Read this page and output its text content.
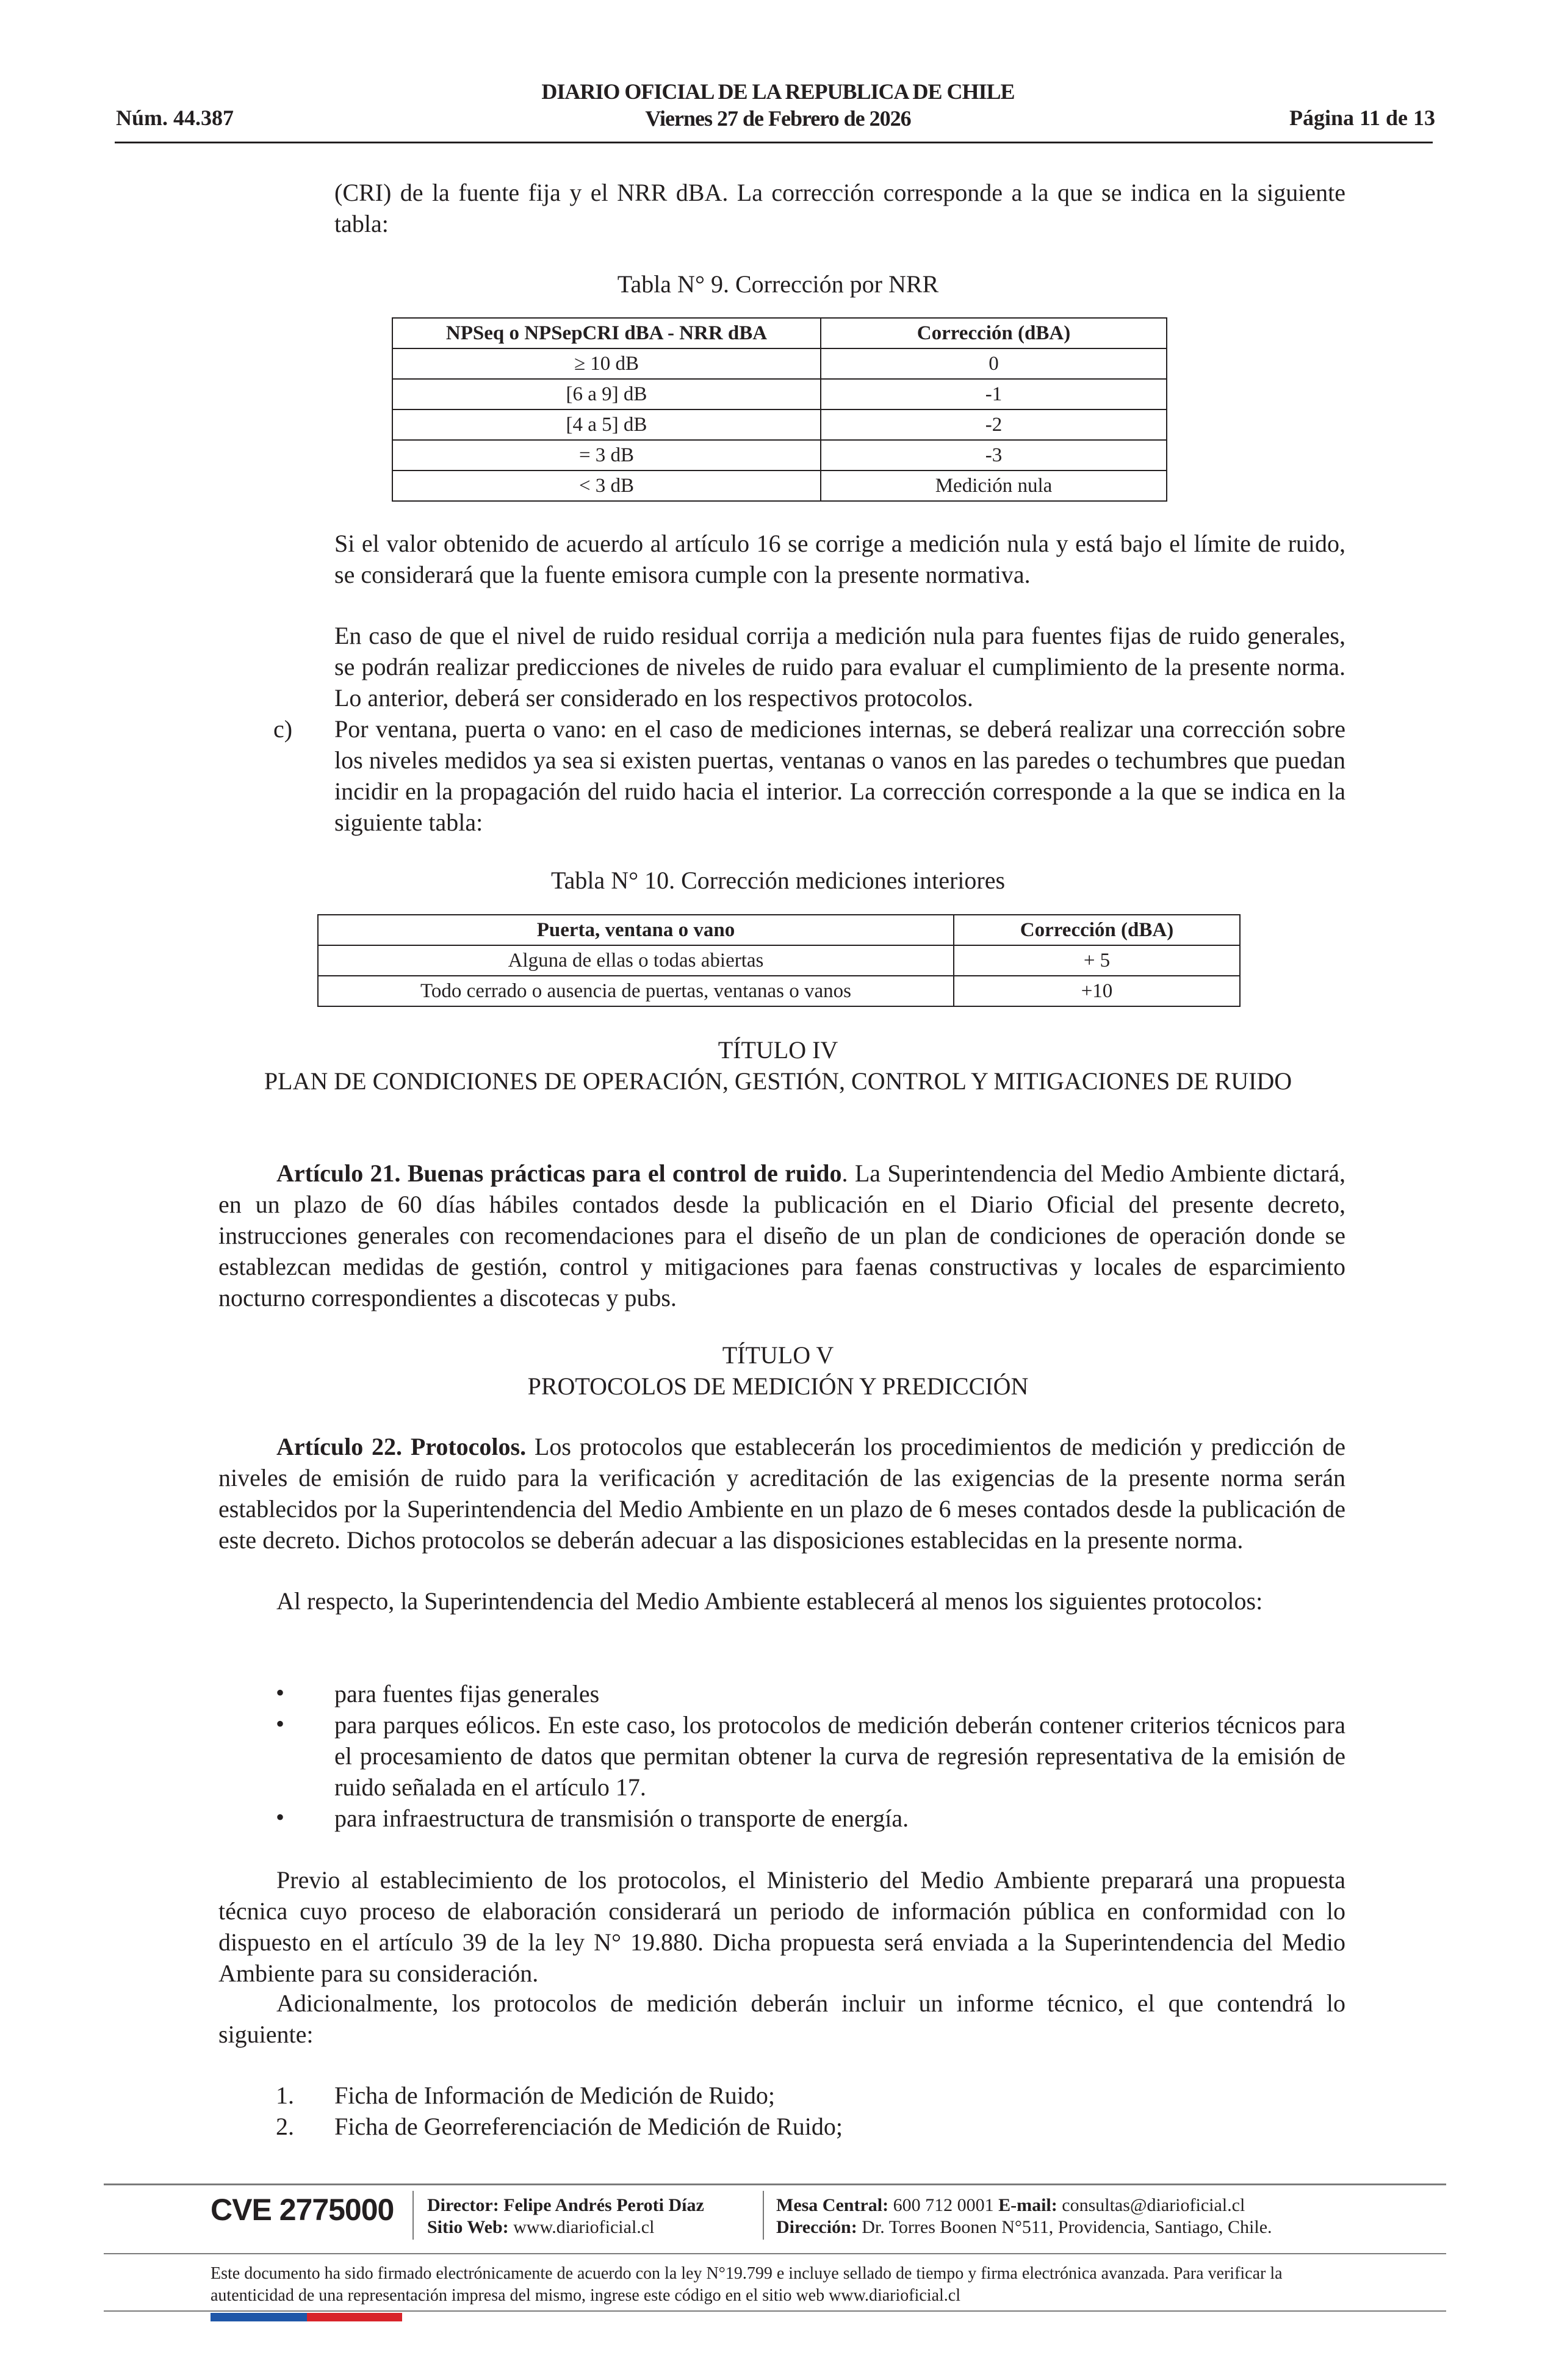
Núm. 44.387
DIARIO OFICIAL DE LA REPUBLICA DE CHILE
Viernes 27 de Febrero de 2026	Página 11 de 13
(CRI) de la fuente fija y el NRR dBA. La corrección corresponde a la que se indica en la siguiente tabla:
Tabla N° 9. Corrección por NRR
NPSeq o NPSepCRI dBA - NRR dBA	Corrección (dBA)
≥ 10 dB	0
[6 a 9] dB	-1
[4 a 5] dB	-2
= 3 dB	-3
< 3 dB	Medición nula
Si el valor obtenido de acuerdo al artículo 16 se corrige a medición nula y está bajo el límite de ruido, se considerará que la fuente emisora cumple con la presente normativa.
En caso de que el nivel de ruido residual corrija a medición nula para fuentes fijas de ruido generales, se podrán realizar predicciones de niveles de ruido para evaluar el cumplimiento de la presente norma. Lo anterior, deberá ser considerado en los respectivos protocolos.
c) Por ventana, puerta o vano: en el caso de mediciones internas, se deberá realizar una corrección sobre los niveles medidos ya sea si existen puertas, ventanas o vanos en las paredes o techumbres que puedan incidir en la propagación del ruido hacia el interior. La corrección corresponde a la que se indica en la siguiente tabla:
Tabla N° 10. Corrección mediciones interiores
Puerta, ventana o vano	Corrección (dBA)
Alguna de ellas o todas abiertas	+ 5
Todo cerrado o ausencia de puertas, ventanas o vanos	+10
TÍTULO IV
PLAN DE CONDICIONES DE OPERACIÓN, GESTIÓN, CONTROL Y MITIGACIONES DE RUIDO
Artículo 21. Buenas prácticas para el control de ruido. La Superintendencia del Medio Ambiente dictará, en un plazo de 60 días hábiles contados desde la publicación en el Diario Oficial del presente decreto, instrucciones generales con recomendaciones para el diseño de un plan de condiciones de operación donde se establezcan medidas de gestión, control y mitigaciones para faenas constructivas y locales de esparcimiento nocturno correspondientes a discotecas y pubs.
TÍTULO V
PROTOCOLOS DE MEDICIÓN Y PREDICCIÓN
Artículo 22. Protocolos. Los protocolos que establecerán los procedimientos de medición y predicción de niveles de emisión de ruido para la verificación y acreditación de las exigencias de la presente norma serán establecidos por la Superintendencia del Medio Ambiente en un plazo de 6 meses contados desde la publicación de este decreto. Dichos protocolos se deberán adecuar a las disposiciones establecidas en la presente norma.
Al respecto, la Superintendencia del Medio Ambiente establecerá al menos los siguientes protocolos:
• para fuentes fijas generales
• para parques eólicos. En este caso, los protocolos de medición deberán contener criterios técnicos para el procesamiento de datos que permitan obtener la curva de regresión representativa de la emisión de ruido señalada en el artículo 17.
• para infraestructura de transmisión o transporte de energía.
Previo al establecimiento de los protocolos, el Ministerio del Medio Ambiente preparará una propuesta técnica cuyo proceso de elaboración considerará un periodo de información pública en conformidad con lo dispuesto en el artículo 39 de la ley N° 19.880. Dicha propuesta será enviada a la Superintendencia del Medio Ambiente para su consideración.
Adicionalmente, los protocolos de medición deberán incluir un informe técnico, el que contendrá lo siguiente:
1. Ficha de Información de Medición de Ruido;
2. Ficha de Georreferenciación de Medición de Ruido;
CVE 2775000 Director: Felipe Andrés Peroti Díaz
Sitio Web: www.diarioficial.cl
Mesa Central: 600 712 0001 E-mail: consultas@diarioficial.cl
Dirección: Dr. Torres Boonen N°511, Providencia, Santiago, Chile.
Este documento ha sido firmado electrónicamente de acuerdo con la ley N°19.799 e incluye sellado de tiempo y firma electrónica avanzada. Para verificar la autenticidad de una representación impresa del mismo, ingrese este código en el sitio web www.diarioficial.cl
